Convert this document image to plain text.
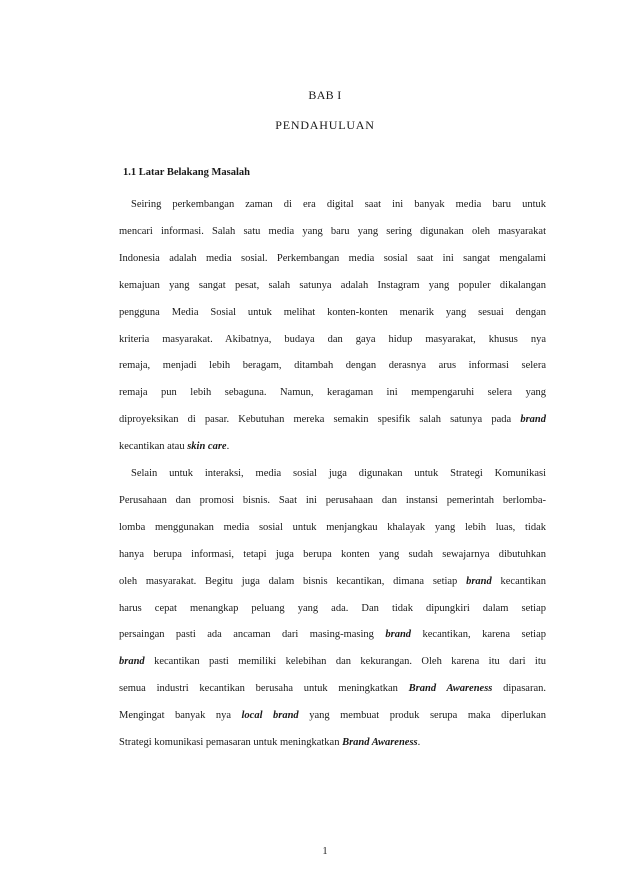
BAB I
PENDAHULUAN
1.1 Latar Belakang Masalah
Seiring perkembangan zaman di era digital saat ini banyak media baru untuk
mencari informasi. Salah satu media yang baru yang sering digunakan oleh masyarakat
Indonesia adalah media sosial. Perkembangan media sosial saat ini sangat mengalami
kemajuan yang sangat pesat, salah satunya adalah Instagram yang populer dikalangan
pengguna Media Sosial untuk melihat konten-konten menarik yang sesuai dengan
kriteria masyarakat. Akibatnya, budaya dan gaya hidup masyarakat, khusus nya
remaja, menjadi lebih beragam, ditambah dengan derasnya arus informasi selera
remaja pun lebih sebaguna. Namun, keragaman ini mempengaruhi selera yang
diproyeksikan di pasar. Kebutuhan mereka semakin spesifik salah satunya pada brand
kecantikan atau skin care.
Selain untuk interaksi, media sosial juga digunakan untuk Strategi Komunikasi
Perusahaan dan promosi bisnis. Saat ini perusahaan dan instansi pemerintah berlomba-
lomba menggunakan media sosial untuk menjangkau khalayak yang lebih luas, tidak
hanya berupa informasi, tetapi juga berupa konten yang sudah sewajarnya dibutuhkan
oleh masyarakat. Begitu juga dalam bisnis kecantikan, dimana setiap brand kecantikan
harus cepat menangkap peluang yang ada. Dan tidak dipungkiri dalam setiap
persaingan pasti ada ancaman dari masing-masing brand kecantikan, karena setiap
brand kecantikan pasti memiliki kelebihan dan kekurangan. Oleh karena itu dari itu
semua industri kecantikan berusaha untuk meningkatkan Brand Awareness dipasaran.
Mengingat banyak nya local brand yang membuat produk serupa maka diperlukan
Strategi komunikasi pemasaran untuk meningkatkan Brand Awareness.
1
